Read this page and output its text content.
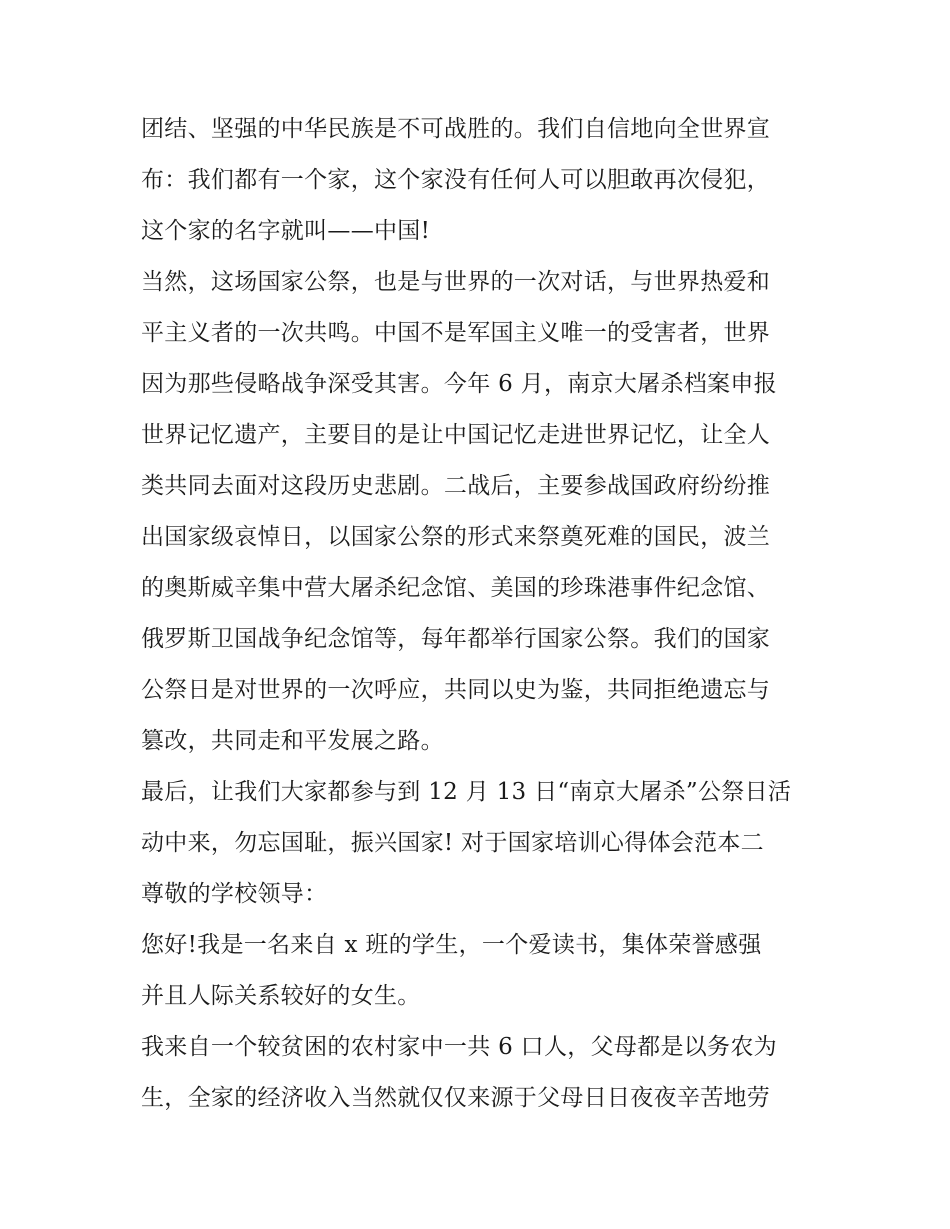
团结、坚强的中华民族是不可战胜的。我们自信地向全世界宣
布：我们都有一个家，这个家没有任何人可以胆敢再次侵犯，
这个家的名字就叫——中国!
当然，这场国家公祭，也是与世界的一次对话，与世界热爱和
平主义者的一次共鸣。中国不是军国主义唯一的受害者，世界
因为那些侵略战争深受其害。今年 6 月，南京大屠杀档案申报
世界记忆遗产，主要目的是让中国记忆走进世界记忆，让全人
类共同去面对这段历史悲剧。二战后，主要参战国政府纷纷推
出国家级哀悼日，以国家公祭的形式来祭奠死难的国民，波兰
的奥斯威辛集中营大屠杀纪念馆、美国的珍珠港事件纪念馆、
俄罗斯卫国战争纪念馆等，每年都举行国家公祭。我们的国家
公祭日是对世界的一次呼应，共同以史为鉴，共同拒绝遗忘与
篡改，共同走和平发展之路。
最后，让我们大家都参与到 12 月 13 日“南京大屠杀”公祭日活
动中来，勿忘国耻，振兴国家! 对于国家培训心得体会范本二
尊敬的学校领导：
您好!我是一名来自 x 班的学生，一个爱读书，集体荣誉感强
并且人际关系较好的女生。
我来自一个较贫困的农村家中一共 6 口人，父母都是以务农为
生，全家的经济收入当然就仅仅来源于父母日日夜夜辛苦地劳
